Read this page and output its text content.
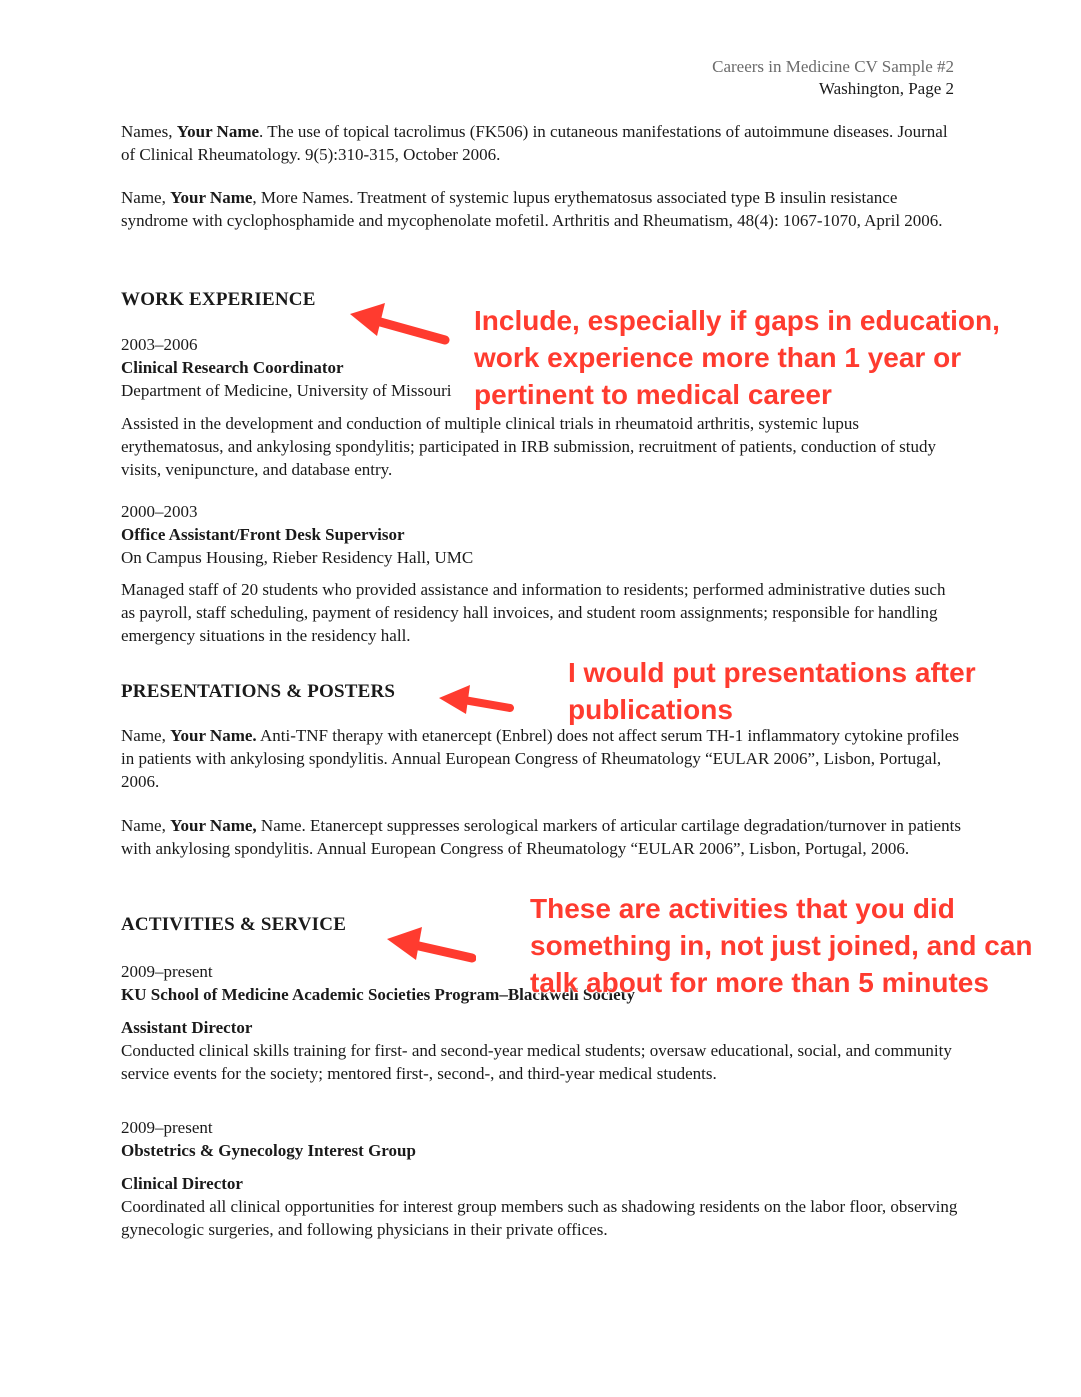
Careers in Medicine CV Sample #2
Washington, Page 2

Names, Your Name. The use of topical tacrolimus (FK506) in cutaneous manifestations of autoimmune diseases. Journal of Clinical Rheumatology. 9(5):310-315, October 2006.

Name, Your Name, More Names. Treatment of systemic lupus erythematosus associated type B insulin resistance syndrome with cyclophosphamide and mycophenolate mofetil. Arthritis and Rheumatism, 48(4): 1067-1070, April 2006.

WORK EXPERIENCE

2003–2006

Clinical Research Coordinator

Department of Medicine, University of Missouri

Assisted in the development and conduction of multiple clinical trials in rheumatoid arthritis, systemic lupus erythematosus, and ankylosing spondylitis; participated in IRB submission, recruitment of patients, conduction of study visits, venipuncture, and database entry.

2000–2003

Office Assistant/Front Desk Supervisor

On Campus Housing, Rieber Residency Hall, UMC

Managed staff of 20 students who provided assistance and information to residents; performed administrative duties such as payroll, staff scheduling, payment of residency hall invoices, and student room assignments; responsible for handling emergency situations in the residency hall.
PRESENTATIONS & POSTERS

Name, Your Name. Anti-TNF therapy with etanercept (Enbrel) does not affect serum TH-1 inflammatory cytokine profiles in patients with ankylosing spondylitis. Annual European Congress of Rheumatology “EULAR 2006”, Lisbon, Portugal, 2006.

Name, Your Name, Name. Etanercept suppresses serological markers of articular cartilage degradation/turnover in patients with ankylosing spondylitis. Annual European Congress of Rheumatology “EULAR 2006”, Lisbon, Portugal, 2006.

ACTIVITIES & SERVICE

2009–present

KU School of Medicine Academic Societies Program–Blackwell Society

Assistant Director

Conducted clinical skills training for first- and second-year medical students; oversaw educational, social, and community service events for the society; mentored first-, second-, and third-year medical students.

2009–present

Obstetrics & Gynecology Interest Group

Clinical Director

Coordinated all clinical opportunities for interest group members such as shadowing residents on the labor floor, observing gynecologic surgeries, and following physicians in their private offices.

Include, especially if gaps in education,
work experience more than 1 year or
pertinent to medical career
I would put presentations after
publications
These are activities that you did
something in, not just joined, and can
talk about for more than 5 minutes
